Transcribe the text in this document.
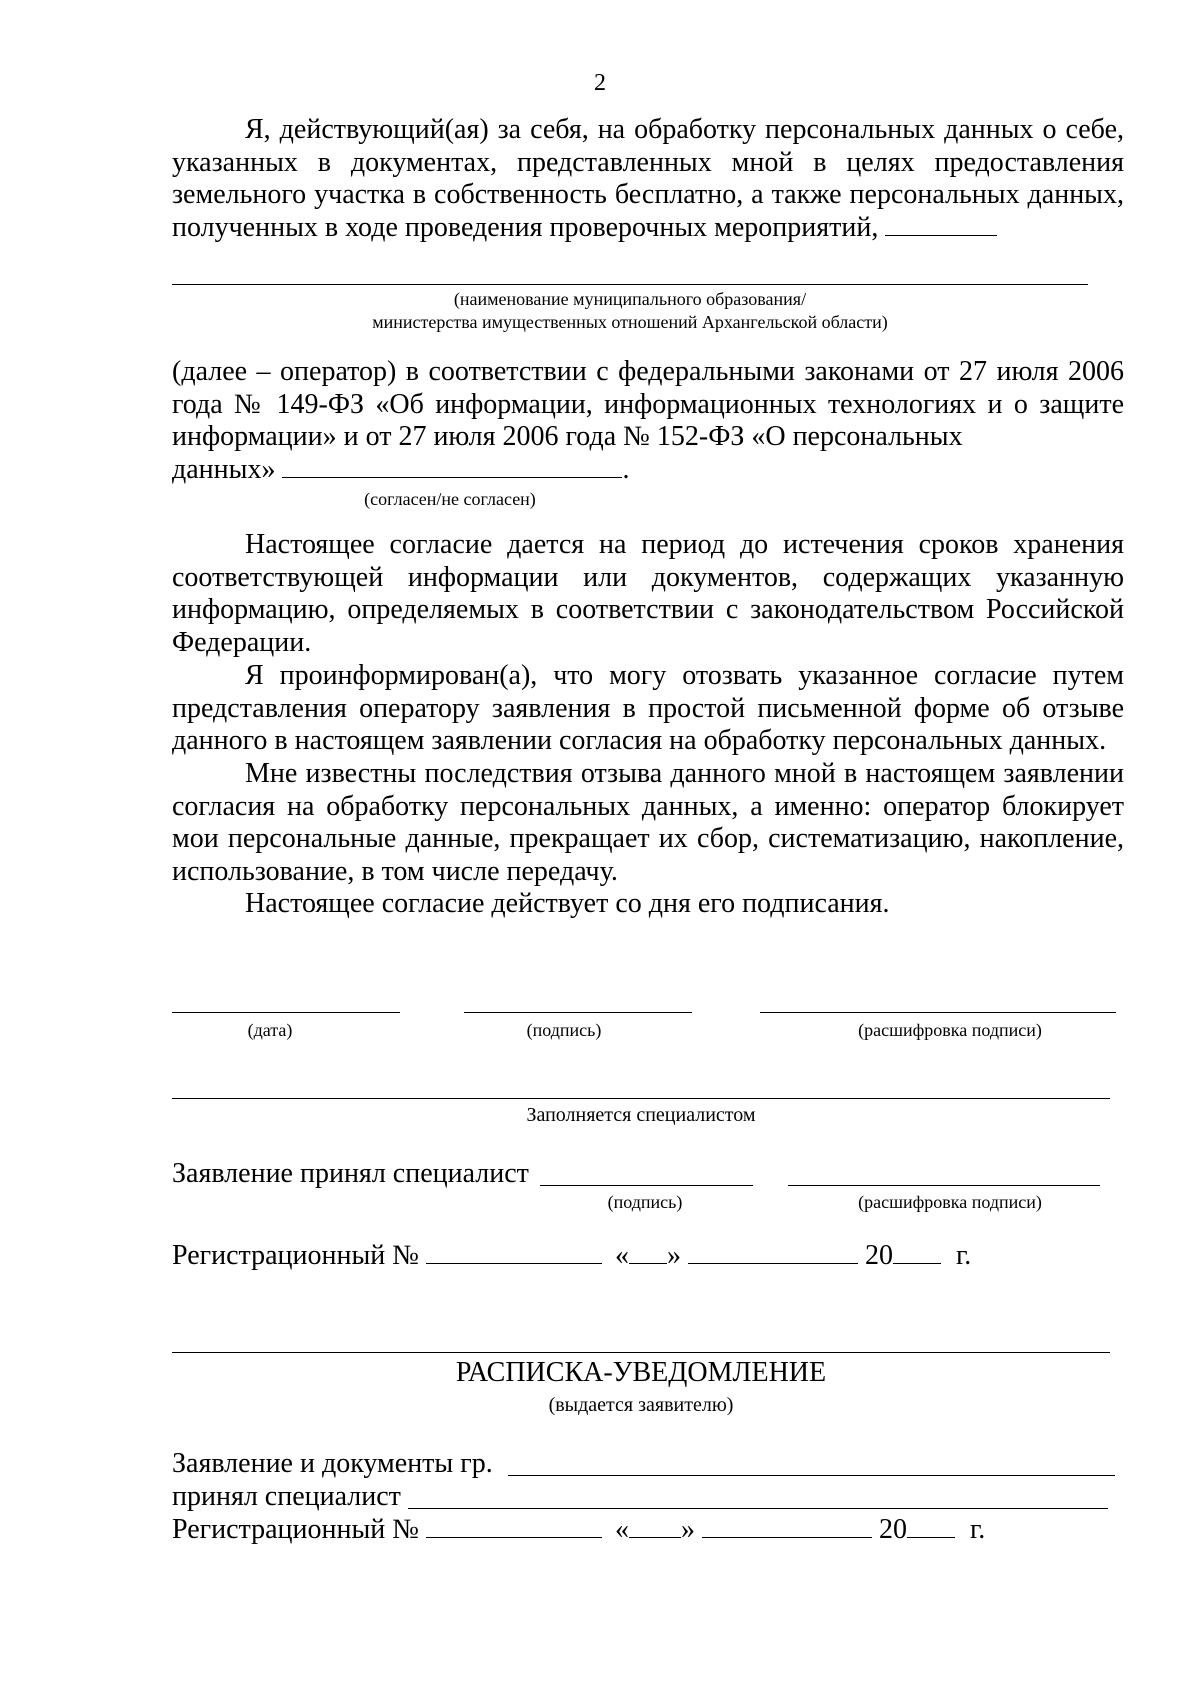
2
Я, действующий(ая) за себя, на обработку персональных данных о себе, указанных в документах, представленных мной в целях предоставления земельного участка в собственность бесплатно, а также персональных данных, полученных в ходе проведения проверочных мероприятий,
(наименование муниципального образования/
министерства имущественных отношений Архангельской области)
(далее – оператор) в соответствии с федеральными законами от 27 июля 2006 года № 149-ФЗ «Об информации, информационных технологиях и о защите информации» и от 27 июля 2006 года № 152-ФЗ «О персональных
данных»	.
(согласен/не согласен)
Настоящее согласие дается на период до истечения сроков хранения соответствующей информации или документов, содержащих указанную информацию, определяемых в соответствии с законодательством Российской Федерации.
Я проинформирован(а), что могу отозвать указанное согласие путем представления оператору заявления в простой письменной форме об отзыве данного в настоящем заявлении согласия на обработку персональных данных.
Мне известны последствия отзыва данного мной в настоящем заявлении согласия на обработку персональных данных, а именно: оператор блокирует мои персональные данные, прекращает их сбор, систематизацию, накопление, использование, в том числе передачу.
Настоящее согласие действует со дня его подписания.
(дата)	(подпись)	(расшифровка подписи)
Заполняется специалистом
Заявление принял специалист
(подпись)	(расшифровка подписи)
Регистрационный №	« »	20 г.
РАСПИСКА-УВЕДОМЛЕНИЕ
(выдается заявителю)
Заявление и документы гр.
принял специалист
Регистрационный №	« »	20 г.
